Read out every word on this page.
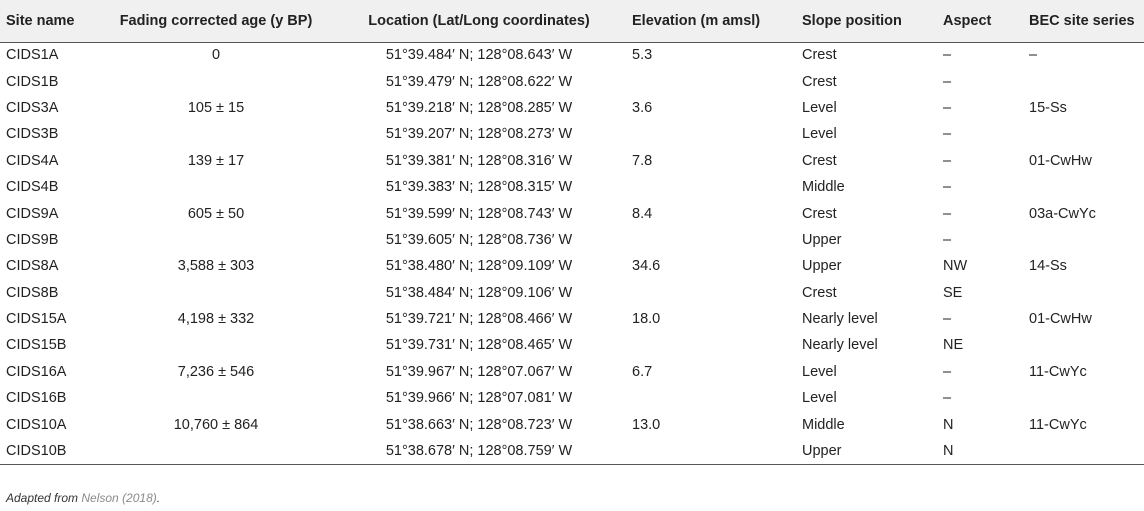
Site name	Fading corrected age (y BP)	Location (Lat/Long coordinates)	Elevation (m amsl)	Slope position	Aspect	BEC site series
CIDS1A	0	51°39.484′ N; 128°08.643′ W	5.3	Crest	–	–
CIDS1B		51°39.479′ N; 128°08.622′ W		Crest	–	
CIDS3A	105 ± 15	51°39.218′ N; 128°08.285′ W	3.6	Level	–	15-Ss
CIDS3B		51°39.207′ N; 128°08.273′ W		Level	–	
CIDS4A	139 ± 17	51°39.381′ N; 128°08.316′ W	7.8	Crest	–	01-CwHw
CIDS4B		51°39.383′ N; 128°08.315′ W		Middle	–	
CIDS9A	605 ± 50	51°39.599′ N; 128°08.743′ W	8.4	Crest	–	03a-CwYc
CIDS9B		51°39.605′ N; 128°08.736′ W		Upper	–	
CIDS8A	3,588 ± 303	51°38.480′ N; 128°09.109′ W	34.6	Upper	NW	14-Ss
CIDS8B		51°38.484′ N; 128°09.106′ W		Crest	SE	
CIDS15A	4,198 ± 332	51°39.721′ N; 128°08.466′ W	18.0	Nearly level	–	01-CwHw
CIDS15B		51°39.731′ N; 128°08.465′ W		Nearly level	NE	
CIDS16A	7,236 ± 546	51°39.967′ N; 128°07.067′ W	6.7	Level	–	11-CwYc
CIDS16B		51°39.966′ N; 128°07.081′ W		Level	–	
CIDS10A	10,760 ± 864	51°38.663′ N; 128°08.723′ W	13.0	Middle	N	11-CwYc
CIDS10B		51°38.678′ N; 128°08.759′ W		Upper	N	
Adapted from Nelson (2018).
